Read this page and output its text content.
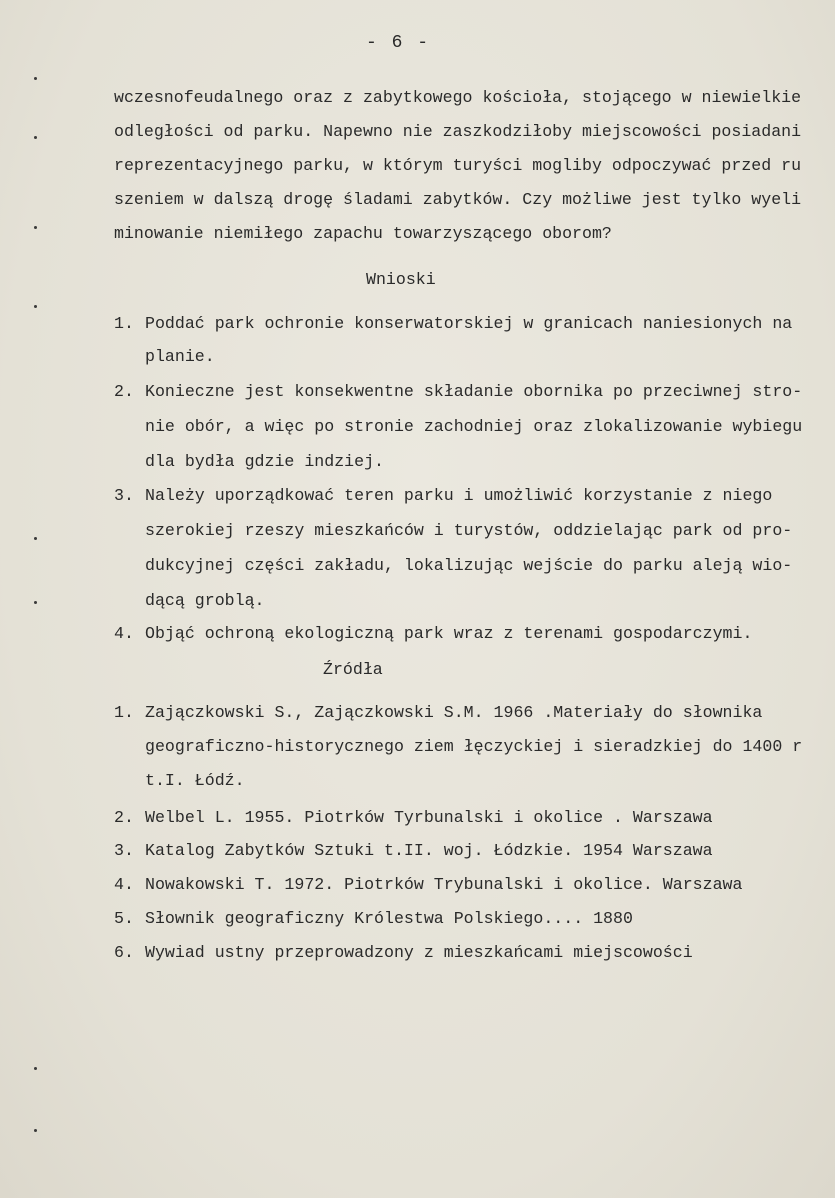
- 6 -
wczesnofeudalnego oraz z zabytkowego kościoła, stojącego w niewielkie
odległości od parku. Napewno nie zaszkodziłoby miejscowości posiadani
reprezentacyjnego parku, w którym turyści mogliby odpoczywać przed ru
szeniem w dalszą drogę śladami zabytków. Czy możliwe jest tylko wyeli
minowanie niemiłego zapachu towarzyszącego oborom?
Wnioski
1. Poddać park ochronie konserwatorskiej w granicach naniesionych na
planie.
2. Konieczne jest konsekwentne składanie obornika po przeciwnej stro-
nie obór, a więc po stronie zachodniej oraz zlokalizowanie wybiegu
dla bydła gdzie indziej.
3. Należy uporządkować teren parku i umożliwić korzystanie z niego
szerokiej rzeszy mieszkańców i turystów, oddzielając park od pro-
dukcyjnej części zakładu, lokalizując wejście do parku aleją wio-
dącą groblą.
4. Objąć ochroną ekologiczną park wraz z terenami gospodarczymi.
Źródła
1. Zajączkowski S., Zajączkowski S.M. 1966 .Materiały do słownika
geograficzno-historycznego ziem łęczyckiej i sieradzkiej do 1400 r
t.I. Łódź.
2. Welbel L. 1955. Piotrków Tyrbunalski i okolice . Warszawa
3. Katalog Zabytków Sztuki t.II. woj. Łódzkie. 1954 Warszawa
4. Nowakowski T. 1972. Piotrków Trybunalski i okolice. Warszawa
5. Słownik geograficzny Królestwa Polskiego.... 1880
6. Wywiad ustny przeprowadzony z mieszkańcami miejscowości
